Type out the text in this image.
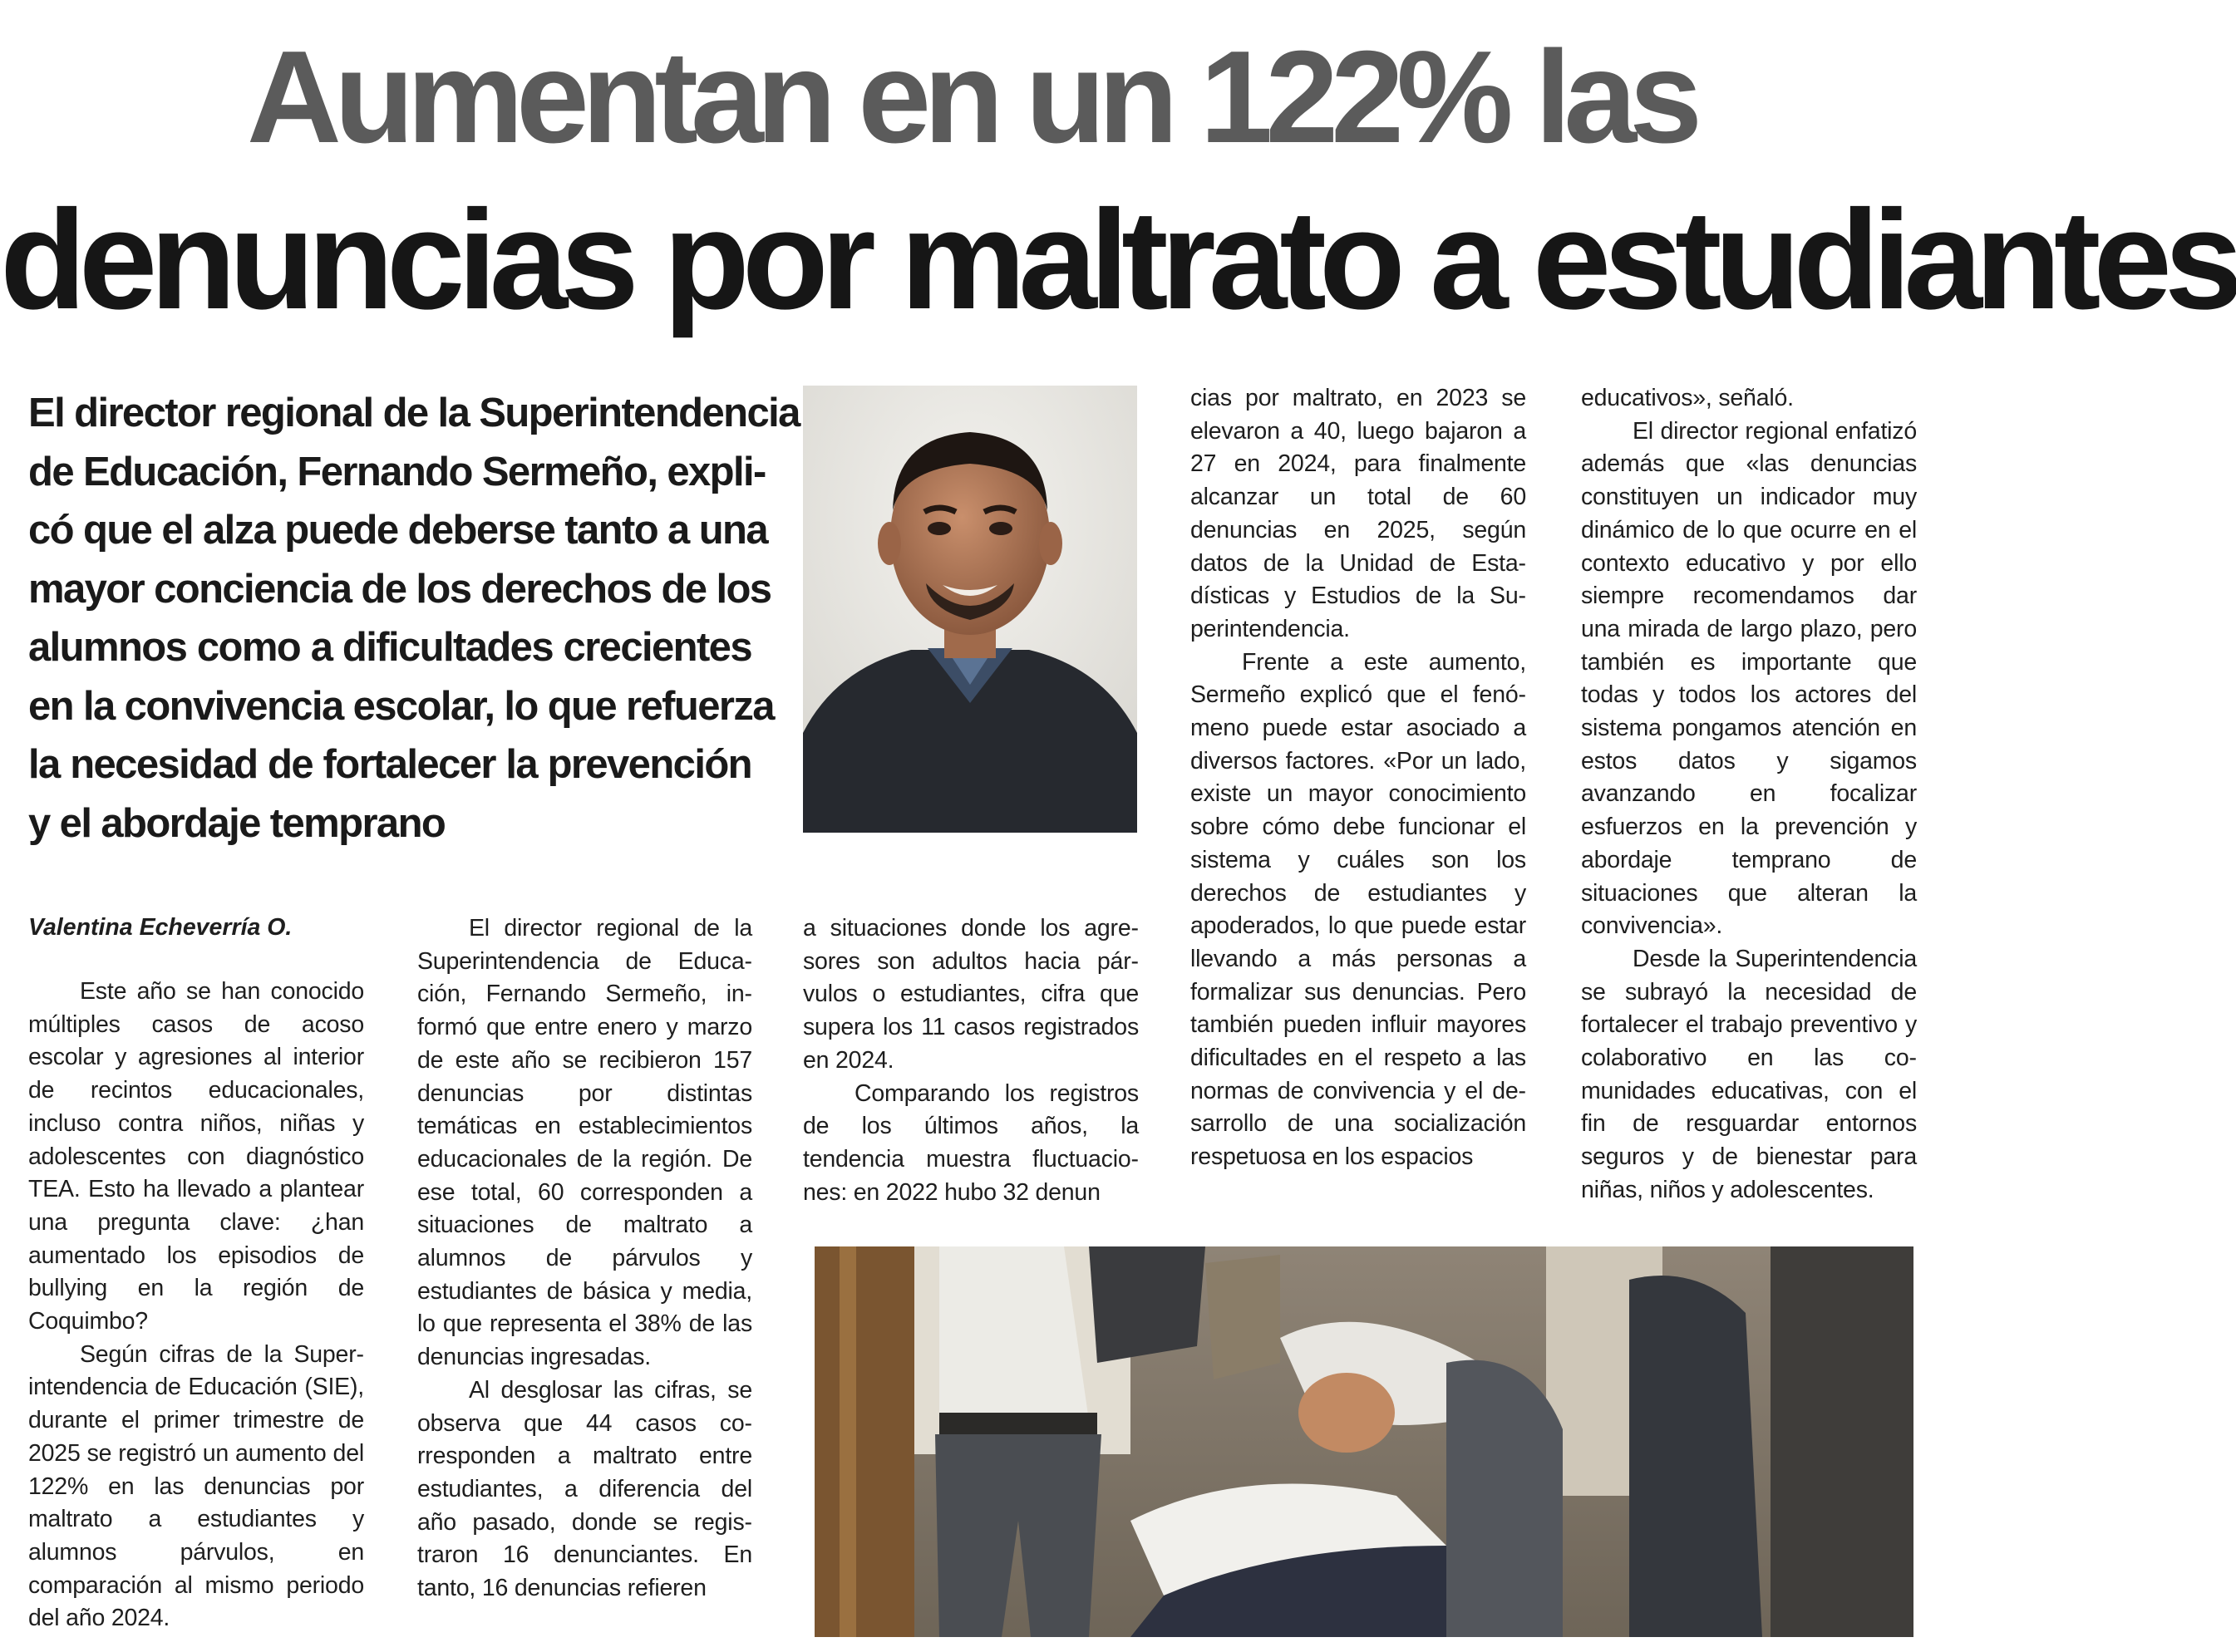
Aumentan en un 122% las
denuncias por maltrato a estudiantes
El director regional de la Superintendencia
de Educación, Fernando Sermeño, expli-
có que el alza puede deberse tanto a una
mayor conciencia de los derechos de los
alumnos como a dificultades crecientes
en la convivencia escolar, lo que refuerza
la necesidad de fortalecer la prevención
y el abordaje temprano

Valentina Echeverría O.

Este año se han conocido múltiples casos de acoso escolar y agresiones al interior de recintos educacionales, incluso contra niños, niñas y adolescentes con diagnóstico TEA. Esto ha llevado a plantear una pregunta clave: ¿han aumentado los episodios de bullying en la región de Coquimbo?

Según cifras de la Superintendencia de Educación (SIE), durante el primer trimestre de 2025 se registró un aumento del 122% en las denuncias por maltrato a estudiantes y alumnos párvulos, en comparación al mismo periodo del año 2024.

El director regional de la Superintendencia de Educación, Fernando Sermeño, informó que entre enero y marzo de este año se recibieron 157 denuncias por distintas temáticas en establecimientos educacionales de la región. De ese total, 60 corresponden a situaciones de maltrato a alumnos de párvulos y estudiantes de básica y media, lo que representa el 38% de las denuncias ingresadas.

Al desglosar las cifras, se observa que 44 casos corresponden a maltrato entre estudiantes, a diferencia del año pasado, donde se registraron 16 denunciantes. En tanto, 16 denuncias refieren

a situaciones donde los agresores son adultos hacia párvulos o estudiantes, cifra que supera los 11 casos registrados en 2024.

Comparando los registros de los últimos años, la tendencia muestra fluctuaciones: en 2022 hubo 32 denun

cias por maltrato, en 2023 se elevaron a 40, luego bajaron a 27 en 2024, para finalmente alcanzar un total de 60 denuncias en 2025, según datos de la Unidad de Estadísticas y Estudios de la Superintendencia.

Frente a este aumento, Sermeño explicó que el fenómeno puede estar asociado a diversos factores. «Por un lado, existe un mayor conocimiento sobre cómo debe funcionar el sistema y cuáles son los derechos de estudiantes y apoderados, lo que puede estar llevando a más personas a formalizar sus denuncias. Pero también pueden influir mayores dificultades en el respeto a las normas de convivencia y el desarrollo de una socialización respetuosa en los espacios

educativos», señaló.

El director regional enfatizó además que «las denuncias constituyen un indicador muy dinámico de lo que ocurre en el contexto educativo y por ello siempre recomendamos dar una mirada de largo plazo, pero también es importante que todas y todos los actores del sistema pongamos atención en estos datos y sigamos avanzando en focalizar esfuerzos en la prevención y abordaje temprano de situaciones que alteran la convivencia».

Desde la Superintendencia se subrayó la necesidad de fortalecer el trabajo preventivo y colaborativo en las comunidades educativas, con el fin de resguardar entornos seguros y de bienestar para niñas, niños y adolescentes.
